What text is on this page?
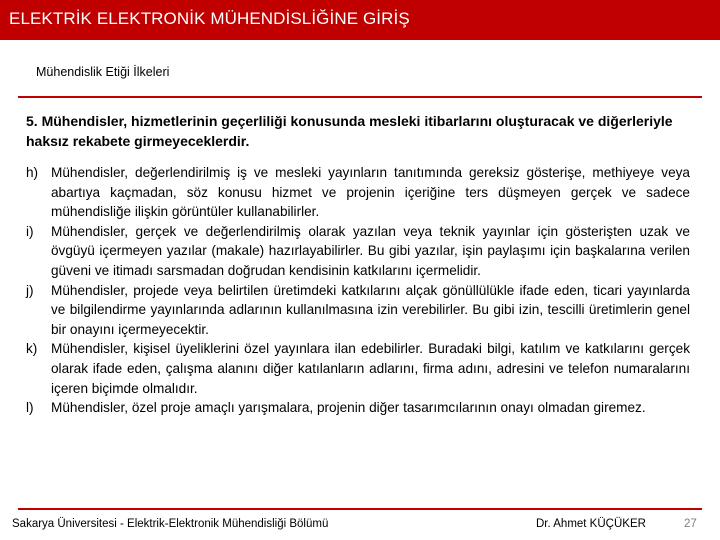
ELEKTRİK ELEKTRONİK MÜHENDİSLİĞİNE GİRİŞ
Mühendislik Etiği İlkeleri
5. Mühendisler, hizmetlerinin geçerliliği konusunda mesleki itibarlarını oluşturacak ve diğerleriyle haksız rekabete girmeyeceklerdir.
h) Mühendisler, değerlendirilmiş iş ve mesleki yayınların tanıtımında gereksiz gösterişe, methiyeye veya abartıya kaçmadan, söz konusu hizmet ve projenin içeriğine ters düşmeyen gerçek ve sadece mühendisliğe ilişkin görüntüler kullanabilirler.
i) Mühendisler, gerçek ve değerlendirilmiş olarak yazılan veya teknik yayınlar için gösterişten uzak ve övgüyü içermeyen yazılar (makale) hazırlayabilirler. Bu gibi yazılar, işin paylaşımı için başkalarına verilen güveni ve itimadı sarsmadan doğrudan kendisinin katkılarını içermelidir.
j) Mühendisler, projede veya belirtilen üretimdeki katkılarını alçak gönüllülükle ifade eden, ticari yayınlarda ve bilgilendirme yayınlarında adlarının kullanılmasına izin verebilirler. Bu gibi izin, tescilli üretimlerin genel bir onayını içermeyecektir.
k) Mühendisler, kişisel üyeliklerini özel yayınlara ilan edebilirler. Buradaki bilgi, katılım ve katkılarını gerçek olarak ifade eden, çalışma alanını diğer katılanların adlarını, firma adını, adresini ve telefon numaralarını içeren biçimde olmalıdır.
l) Mühendisler, özel proje amaçlı yarışmalara, projenin diğer tasarımcılarının onayı olmadan giremez.
Sakarya Üniversitesi - Elektrik-Elektronik Mühendisliği Bölümü	Dr. Ahmet KÜÇÜKER	27
